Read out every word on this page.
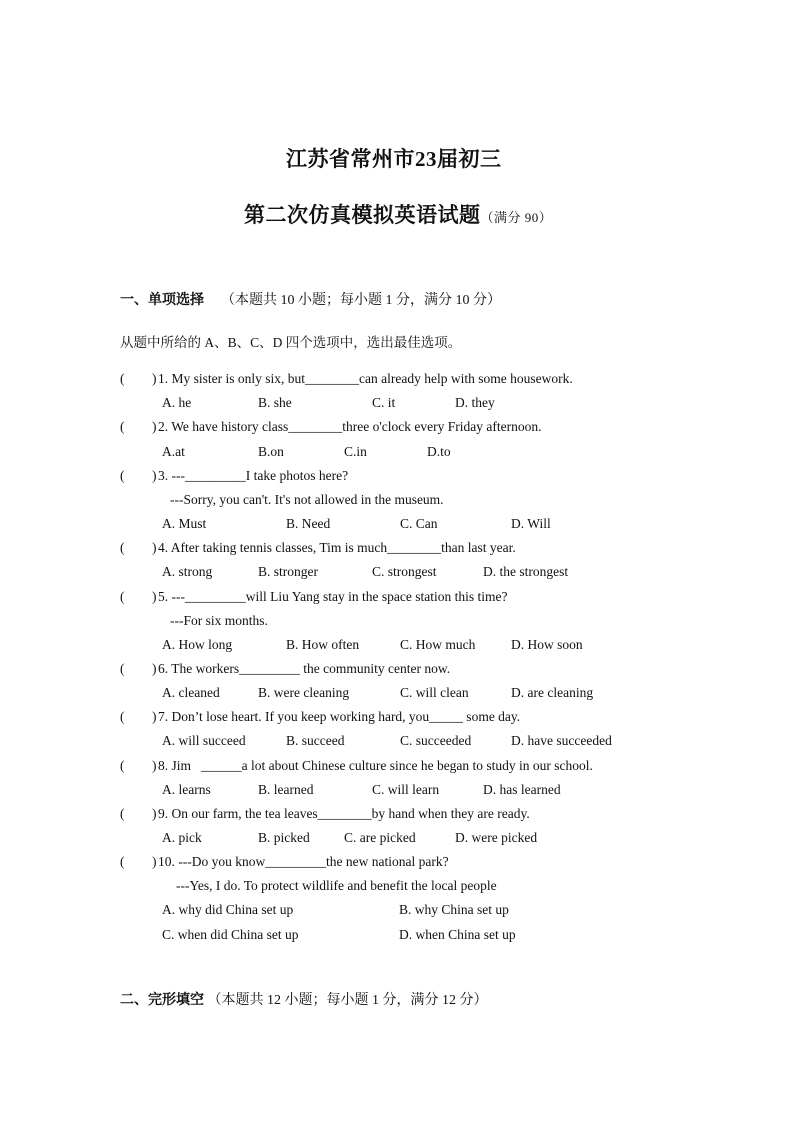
江苏省常州市23届初三
第二次仿真模拟英语试题（满分 90）
一、单项选择 （本题共 10 小题；每小题 1 分，满分 10 分）
从题中所给的 A、B、C、D 四个选项中，选出最佳选项。
( ) 1. My sister is only six, but________can already help with some housework.
A. he	B. she	C. it	D. they
( ) 2. We have history class________three o'clock every Friday afternoon.
A.at	B.on	C.in	D.to
( ) 3. ---_________I take photos here?
---Sorry, you can't. It's not allowed in the museum.
A. Must	B. Need	C. Can	D. Will
( ) 4. After taking tennis classes, Tim is much________than last year.
A. strong	B. stronger	C. strongest	D. the strongest
( ) 5. ---_________will Liu Yang stay in the space station this time?
---For six months.
A. How long	B. How often	C. How much	D. How soon
( ) 6. The workers_________ the community center now.
A. cleaned	B. were cleaning	C. will clean	D. are cleaning
( ) 7. Don’t lose heart. If you keep working hard, you_____ some day.
A. will succeed	B. succeed	C. succeeded	D. have succeeded
( ) 8. Jim   ______a lot about Chinese culture since he began to study in our school.
A. learns	B. learned	C. will learn	D. has learned
( ) 9. On our farm, the tea leaves________by hand when they are ready.
A. pick	B. picked	C. are picked	D. were picked
( ) 10. ---Do you know_________the new national park?
---Yes, I do. To protect wildlife and benefit the local people
A. why did China set up	B. why China set up
C. when did China set up	D. when China set up
二、完形填空 （本题共 12 小题；每小题 1 分，满分 12 分）
